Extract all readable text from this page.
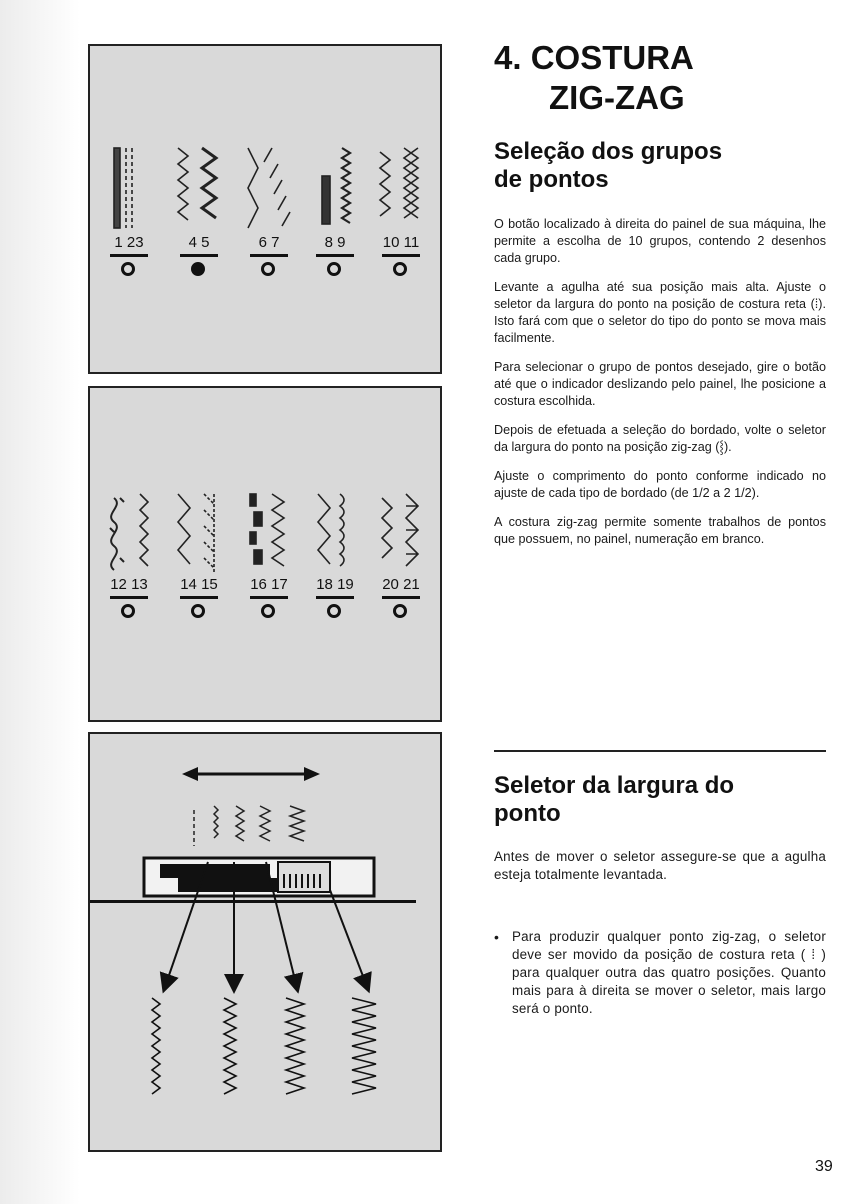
1 23	4 5	6 7	8 9	10 11
12 13	14 15	16 17	18 19	20 21
4. COSTURA
ZIG-ZAG
Seleção dos grupos
de pontos

O botão localizado à direita do painel de sua máquina, lhe permite a escolha de 10 grupos, contendo 2 desenhos cada grupo.

Levante a agulha até sua posição mais alta. Ajuste o seletor da largura do ponto na posição de costura reta (⁞). Isto fará com que o seletor do tipo do ponto se mova mais facilmente.

Para selecionar o grupo de pontos desejado, gire o botão até que o indicador deslizando pelo painel, lhe posicione a costura escolhida.

Depois de efetuada a seleção do bordado, volte o seletor da largura do ponto na posição zig-zag (⸾).

Ajuste o comprimento do ponto conforme indicado no ajuste de cada tipo de bordado (de 1/2 a 2 1/2).

A costura zig-zag permite somente trabalhos de pontos que possuem, no painel, numeração em branco.

Seletor da largura do
ponto

Antes de mover o seletor assegure-se que a agulha esteja totalmente levantada.

• Para produzir qualquer ponto zig-zag, o seletor deve ser movido da posição de costura reta ( ⁞ ) para qualquer outra das quatro posições. Quanto mais para à direita se mover o seletor, mais largo será o ponto.

39
